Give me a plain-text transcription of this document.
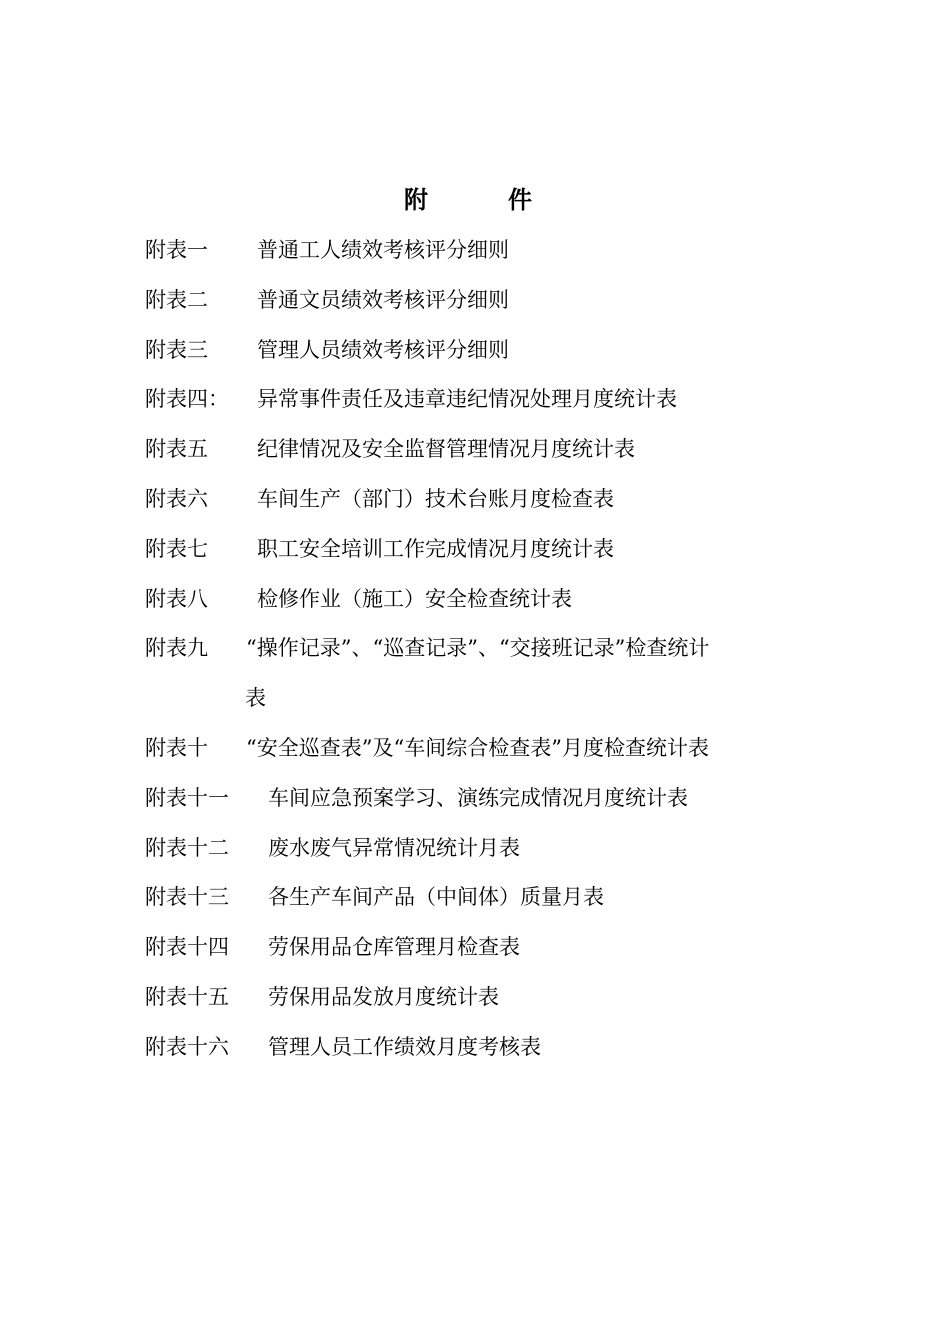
附　件
附表一 普通工人绩效考核评分细则
附表二 普通文员绩效考核评分细则
附表三 管理人员绩效考核评分细则
附表四： 异常事件责任及违章违纪情况处理月度统计表
附表五 纪律情况及安全监督管理情况月度统计表
附表六 车间生产（部门）技术台账月度检查表
附表七 职工安全培训工作完成情况月度统计表
附表八 检修作业（施工）安全检查统计表
附表九 “操作记录”、“巡查记录”、“交接班记录”检查统计
表
附表十 “安全巡查表”及“车间综合检查表”月度检查统计表
附表十一 车间应急预案学习、演练完成情况月度统计表
附表十二 废水废气异常情况统计月表
附表十三 各生产车间产品（中间体）质量月表
附表十四 劳保用品仓库管理月检查表
附表十五 劳保用品发放月度统计表
附表十六 管理人员工作绩效月度考核表
